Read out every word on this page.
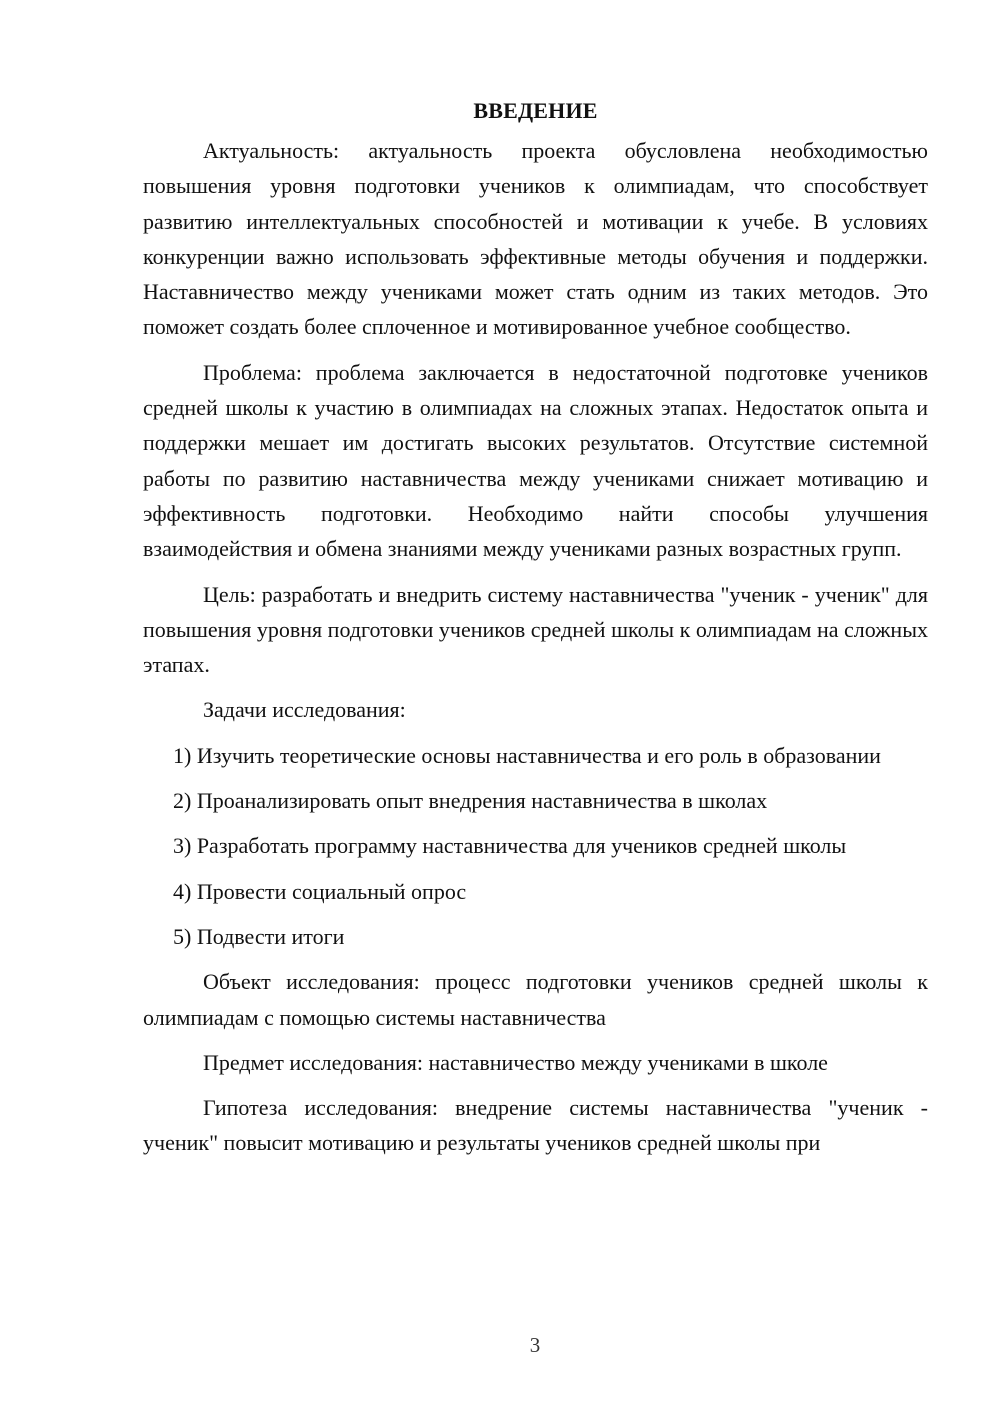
ВВЕДЕНИЕ

Актуальность: актуальность проекта обусловлена необходимостью повышения уровня подготовки учеников к олимпиадам, что способствует развитию интеллектуальных способностей и мотивации к учебе. В условиях конкуренции важно использовать эффективные методы обучения и поддержки. Наставничество между учениками может стать одним из таких методов. Это поможет создать более сплоченное и мотивированное учебное сообщество.

Проблема: проблема заключается в недостаточной подготовке учеников средней школы к участию в олимпиадах на сложных этапах. Недостаток опыта и поддержки мешает им достигать высоких результатов. Отсутствие системной работы по развитию наставничества между учениками снижает мотивацию и эффективность подготовки. Необходимо найти способы улучшения взаимодействия и обмена знаниями между учениками разных возрастных групп.

Цель: разработать и внедрить систему наставничества "ученик - ученик" для повышения уровня подготовки учеников средней школы к олимпиадам на сложных этапах.

Задачи исследования:

1) Изучить теоретические основы наставничества и его роль в образовании

2) Проанализировать опыт внедрения наставничества в школах

3) Разработать программу наставничества для учеников средней школы

4) Провести социальный опрос

5) Подвести итоги

Объект исследования: процесс подготовки учеников средней школы к олимпиадам с помощью системы наставничества

Предмет исследования: наставничество между учениками в школе

Гипотеза исследования: внедрение системы наставничества "ученик - ученик" повысит мотивацию и результаты учеников средней школы при

3
